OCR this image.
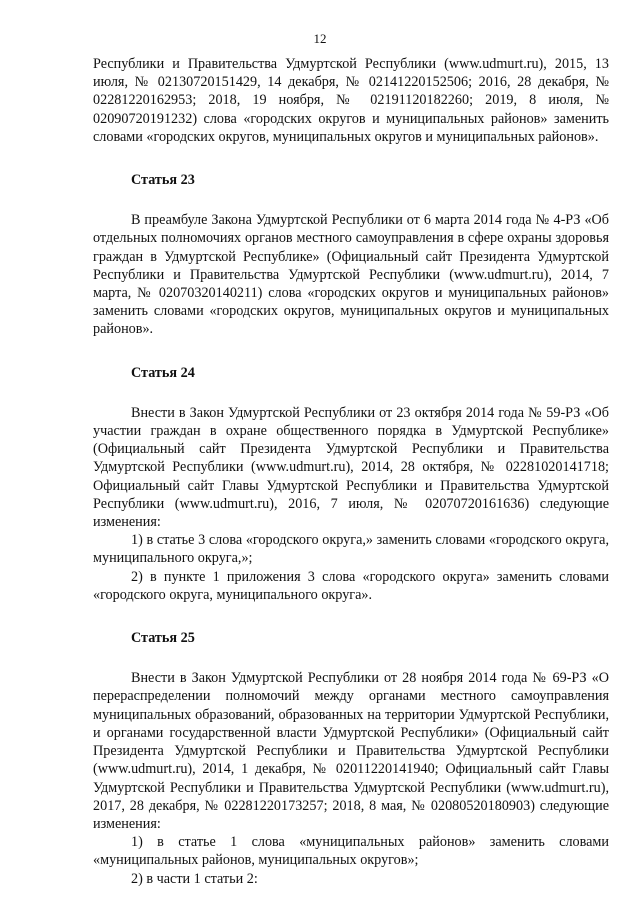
12

Республики и Правительства Удмуртской Республики (www.udmurt.ru), 2015, 13 июля, № 02130720151429, 14 декабря, № 02141220152506; 2016, 28 декабря, № 02281220162953; 2018, 19 ноября, № 02191120182260; 2019, 8 июля, № 02090720191232) слова «городских округов и муниципальных районов» заменить словами «городских округов, муниципальных округов и муниципальных районов».

Статья 23

В преамбуле Закона Удмуртской Республики от 6 марта 2014 года № 4-РЗ «Об отдельных полномочиях органов местного самоуправления в сфере охраны здоровья граждан в Удмуртской Республике» (Официальный сайт Президента Удмуртской Республики и Правительства Удмуртской Республики (www.udmurt.ru), 2014, 7 марта, № 02070320140211) слова «городских округов и муниципальных районов» заменить словами «городских округов, муниципальных округов и муниципальных районов».

Статья 24

Внести в Закон Удмуртской Республики от 23 октября 2014 года № 59-РЗ «Об участии граждан в охране общественного порядка в Удмуртской Республике» (Официальный сайт Президента Удмуртской Республики и Правительства Удмуртской Республики (www.udmurt.ru), 2014, 28 октября, № 02281020141718; Официальный сайт Главы Удмуртской Республики и Правительства Удмуртской Республики (www.udmurt.ru), 2016, 7 июля, № 02070720161636) следующие изменения:

1) в статье 3 слова «городского округа,» заменить словами «городского округа, муниципального округа,»;

2) в пункте 1 приложения 3 слова «городского округа» заменить словами «городского округа, муниципального округа».

Статья 25

Внести в Закон Удмуртской Республики от 28 ноября 2014 года № 69-РЗ «О перераспределении полномочий между органами местного самоуправления муниципальных образований, образованных на территории Удмуртской Республики, и органами государственной власти Удмуртской Республики» (Официальный сайт Президента Удмуртской Республики и Правительства Удмуртской Республики (www.udmurt.ru), 2014, 1 декабря, № 02011220141940; Официальный сайт Главы Удмуртской Республики и Правительства Удмуртской Республики (www.udmurt.ru), 2017, 28 декабря, № 02281220173257; 2018, 8 мая, № 02080520180903) следующие изменения:

1) в статье 1 слова «муниципальных районов» заменить словами «муниципальных районов, муниципальных округов»;

2) в части 1 статьи 2:
